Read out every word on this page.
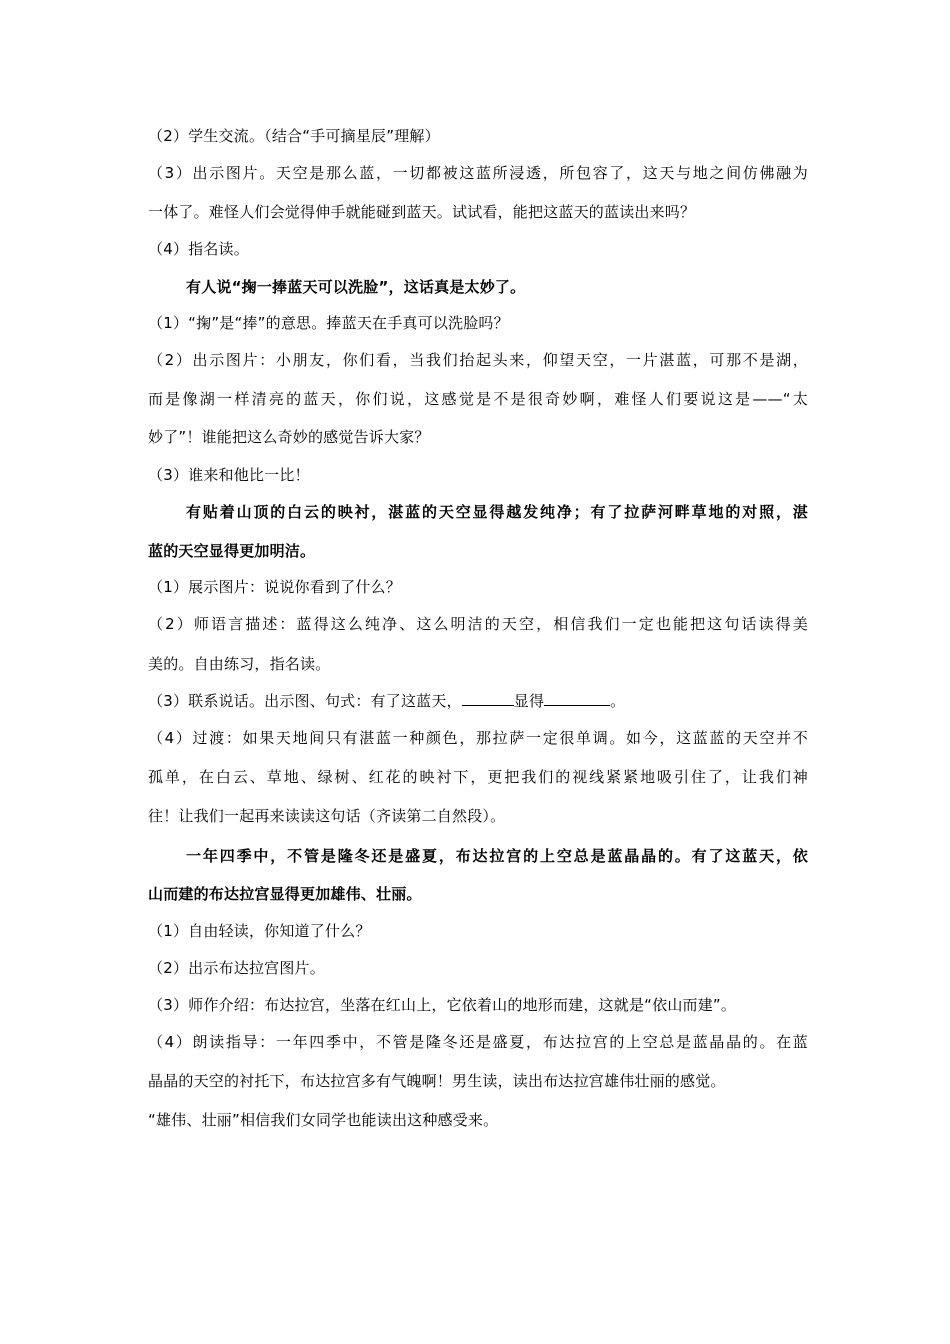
（2）学生交流。（结合“手可摘星辰”理解）
（3）出示图片。天空是那么蓝，一切都被这蓝所浸透，所包容了，这天与地之间仿佛融为
一体了。难怪人们会觉得伸手就能碰到蓝天。试试看，能把这蓝天的蓝读出来吗？
（4）指名读。
有人说“掬一捧蓝天可以洗脸”，这话真是太妙了。
（1）“掬”是“捧”的意思。捧蓝天在手真可以洗脸吗？
（2）出示图片：小朋友，你们看，当我们抬起头来，仰望天空，一片湛蓝，可那不是湖，
而是像湖一样清亮的蓝天，你们说，这感觉是不是很奇妙啊，难怪人们要说这是——“太
妙了”！谁能把这么奇妙的感觉告诉大家？
（3）谁来和他比一比！
有贴着山顶的白云的映衬，湛蓝的天空显得越发纯净；有了拉萨河畔草地的对照，湛
蓝的天空显得更加明洁。
（1）展示图片：说说你看到了什么？
（2）师语言描述：蓝得这么纯净、这么明洁的天空，相信我们一定也能把这句话读得美
美的。自由练习，指名读。
（3）联系说话。出示图、句式：有了这蓝天，	显得	。
（4）过渡：如果天地间只有湛蓝一种颜色，那拉萨一定很单调。如今，这蓝蓝的天空并不
孤单，在白云、草地、绿树、红花的映衬下，更把我们的视线紧紧地吸引住了，让我们神
往！让我们一起再来读读这句话（齐读第二自然段）。
一年四季中，不管是隆冬还是盛夏，布达拉宫的上空总是蓝晶晶的。有了这蓝天，依
山而建的布达拉宫显得更加雄伟、壮丽。
（1）自由轻读，你知道了什么？
（2）出示布达拉宫图片。
（3）师作介绍：布达拉宫，坐落在红山上，它依着山的地形而建，这就是“依山而建”。
（4）朗读指导：一年四季中，不管是隆冬还是盛夏，布达拉宫的上空总是蓝晶晶的。在蓝
晶晶的天空的衬托下，布达拉宫多有气魄啊！男生读，读出布达拉宫雄伟壮丽的感觉。
“雄伟、壮丽”相信我们女同学也能读出这种感受来。
